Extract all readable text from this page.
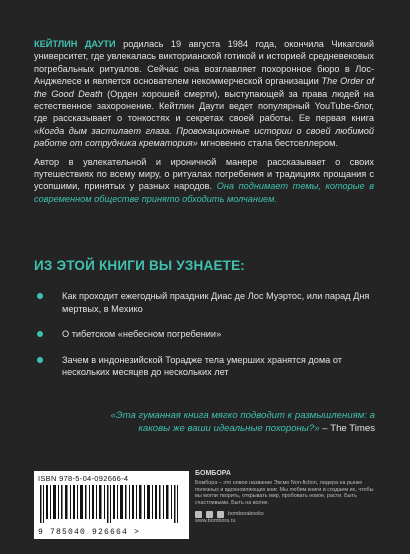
КЕЙТЛИН ДАУТИ родилась 19 августа 1984 года, окончила Чикагский университет, где увлекалась викторианской готикой и историей средневековых погребальных ритуалов. Сейчас она возглавляет похоронное бюро в Лос-Анджелесе и является основателем некоммерческой организации The Order of the Good Death (Орден хорошей смерти), выступающей за права людей на естественное захоронение. Кейтлин Даути ведет популярный YouTube-блог, где рассказывает о тонкостях и секретах своей работы. Ее первая книга «Когда дым застилает глаза. Провокационные истории о своей любимой работе от сотрудника крематория» мгновенно стала бестселлером.

Автор в увлекательной и ироничной манере рассказывает о своих путешествиях по всему миру, о ритуалах погребения и традициях прощания с усопшими, принятых у разных народов. Она поднимает темы, которые в современном обществе принято обходить молчанием.

ИЗ ЭТОЙ КНИГИ ВЫ УЗНАЕТЕ:
Как проходит ежегодный праздник Диас де Лос Муэртос, или парад Дня мертвых, в Мехико
О тибетском «небесном погребении»
Зачем в индонезийской Торадже тела умерших хранятся дома от нескольких месяцев до нескольких лет
«Эта гуманная книга мягко подводит к размышлениям: а каковы же ваши идеальные похороны?» – The Times
ISBN 978-5-04-092666-4
9 785040 926664 >
БОМБОРА
Бомбора – это новое название Эксмо Non-fiction, лидера на рынке полезных и вдохновляющих книг. Мы любим книги и создаем их, чтобы вы могли творить, открывать мир, пробовать новое, расти. Быть счастливыми. Быть на волне.
bomborabooks
www.bombora.ru
